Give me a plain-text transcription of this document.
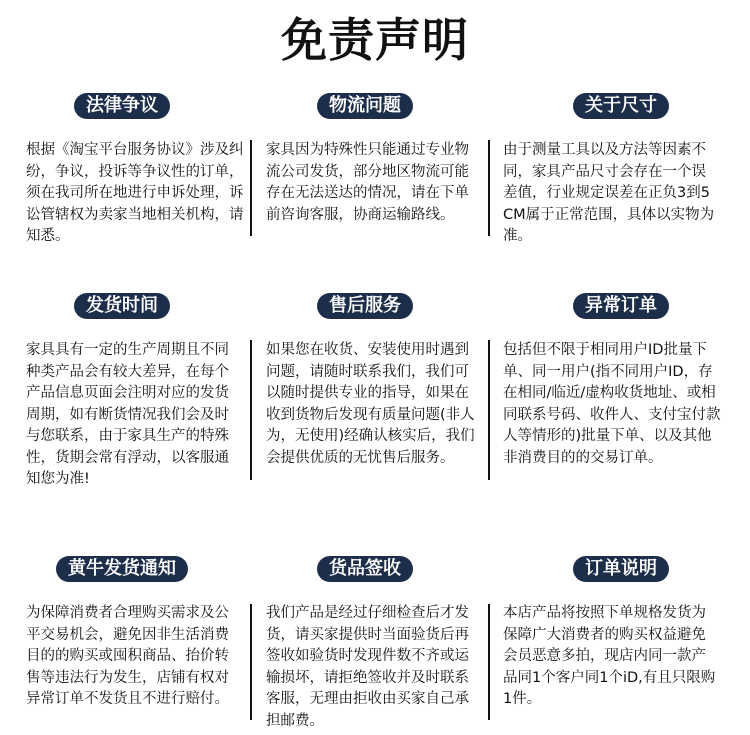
免责声明
法律争议
根据《淘宝平台服务协议》涉及纠纷，争议，投诉等争议性的订单，须在我司所在地进行申诉处理，诉讼管辖权为卖家当地相关机构，请知悉。
物流问题
家具因为特殊性只能通过专业物流公司发货，部分地区物流可能存在无法送达的情况，请在下单前咨询客服，协商运输路线。
关于尺寸
由于测量工具以及方法等因素不同，家具产品尺寸会存在一个误差值，行业规定误差在正负3到5CM属于正常范围，具体以实物为准。
发货时间
家具具有一定的生产周期且不同种类产品会有较大差异，在每个产品信息页面会注明对应的发货周期，如有断货情况我们会及时与您联系，由于家具生产的特殊性，货期会常有浮动，以客服通知您为准!
售后服务
如果您在收货、安装使用时遇到问题，请随时联系我们，我们可以随时提供专业的指导，如果在收到货物后发现有质量问题(非人为，无使用)经确认核实后，我们会提供优质的无忧售后服务。
异常订单
包括但不限于相同用户ID批量下单、同一用户(指不同用户ID，存在相同/临近/虚构收货地址、或相同联系号码、收件人、支付宝付款人等情形的)批量下单、以及其他非消费目的的交易订单。
黄牛发货通知
为保障消费者合理购买需求及公平交易机会，避免因非生活消费目的的购买或囤积商品、抬价转售等违法行为发生，店铺有权对异常订单不发货且不进行赔付。
货品签收
我们产品是经过仔细检查后才发货，请买家提供时当面验货后再签收如验货时发现件数不齐或运输损坏，请拒绝签收并及时联系客服，无理由拒收由买家自己承担邮费。
订单说明
本店产品将按照下单规格发货为保障广大消费者的购买权益避免会员恶意多拍，现店内同一款产品同1个客户同1个iD,有且只限购1件。
